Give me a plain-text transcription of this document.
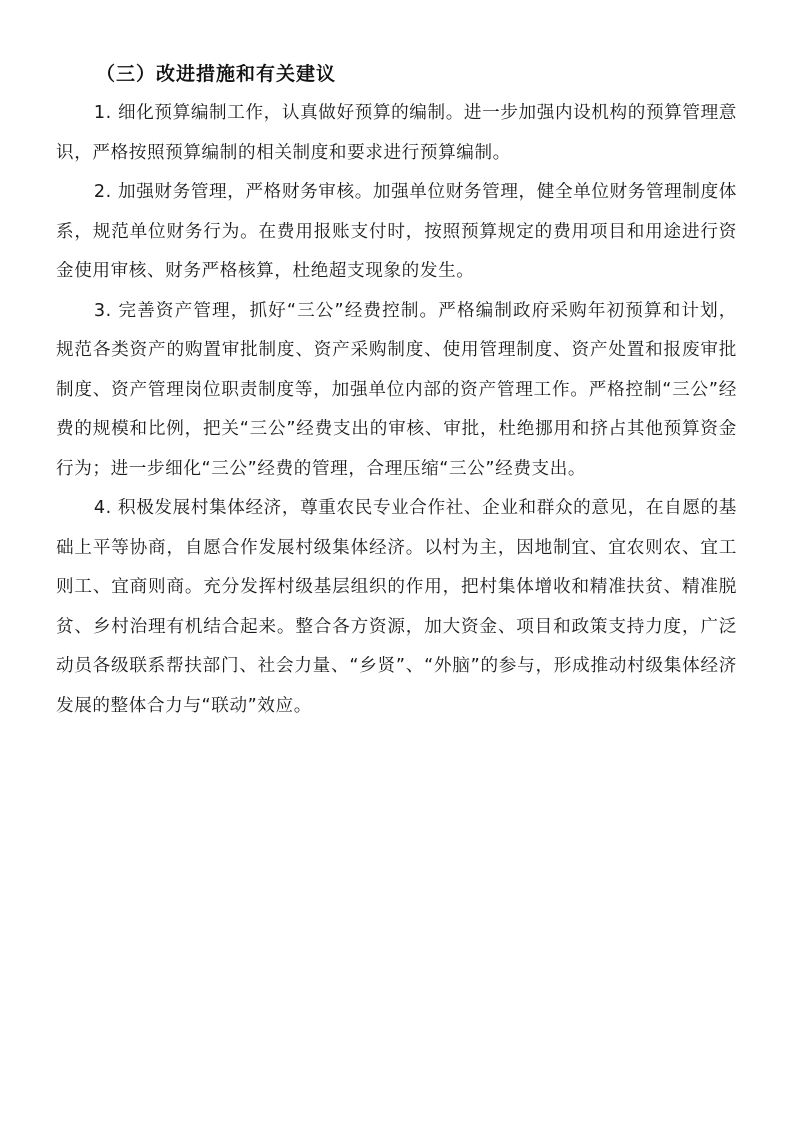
（三）改进措施和有关建议

1. 细化预算编制工作，认真做好预算的编制。进一步加强内设机构的预算管理意识，严格按照预算编制的相关制度和要求进行预算编制。

2. 加强财务管理，严格财务审核。加强单位财务管理，健全单位财务管理制度体系，规范单位财务行为。在费用报账支付时，按照预算规定的费用项目和用途进行资金使用审核、财务严格核算，杜绝超支现象的发生。

3. 完善资产管理，抓好“三公”经费控制。严格编制政府采购年初预算和计划，规范各类资产的购置审批制度、资产采购制度、使用管理制度、资产处置和报废审批制度、资产管理岗位职责制度等，加强单位内部的资产管理工作。严格控制“三公”经费的规模和比例，把关“三公”经费支出的审核、审批，杜绝挪用和挤占其他预算资金行为；进一步细化“三公”经费的管理，合理压缩“三公”经费支出。

4. 积极发展村集体经济，尊重农民专业合作社、企业和群众的意见，在自愿的基础上平等协商，自愿合作发展村级集体经济。以村为主，因地制宜、宜农则农、宜工则工、宜商则商。充分发挥村级基层组织的作用，把村集体增收和精准扶贫、精准脱贫、乡村治理有机结合起来。整合各方资源，加大资金、项目和政策支持力度，广泛动员各级联系帮扶部门、社会力量、“乡贤”、“外脑”的参与，形成推动村级集体经济发展的整体合力与“联动”效应。
